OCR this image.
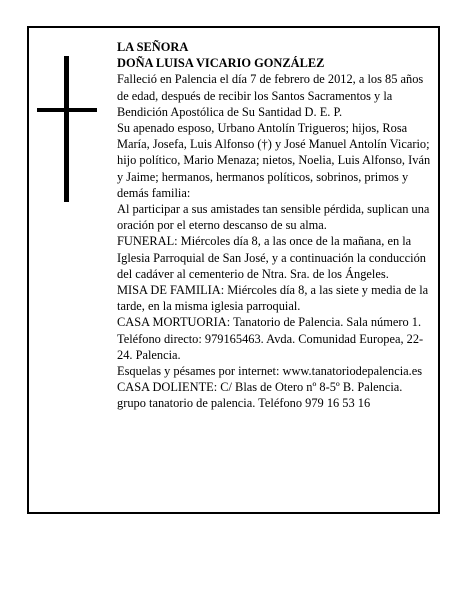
LA SEÑORA

DOÑA LUISA VICARIO GONZÁLEZ

Falleció en Palencia el día 7 de febrero de 2012, a los 85 años de edad, después de recibir los Santos Sacramentos y la Bendición Apostólica de Su Santidad D. E. P.

Su apenado esposo, Urbano Antolín Trigueros; hijos, Rosa María, Josefa, Luis Alfonso (†) y José Manuel Antolín Vicario; hijo político, Mario Menaza; nietos, Noelia, Luis Alfonso, Iván y Jaime; hermanos, hermanos políticos, sobrinos, primos y demás familia:

Al participar a sus amistades tan sensible pérdida, suplican una oración por el eterno descanso de su alma.

FUNERAL: Miércoles día 8, a las once de la mañana, en la Iglesia Parroquial de San José, y a continuación la conducción del cadáver al cementerio de Ntra. Sra. de los Ángeles.

MISA DE FAMILIA: Miércoles día 8, a las siete y media de la tarde, en la misma iglesia parroquial.

CASA MORTUORIA: Tanatorio de Palencia. Sala número 1. Teléfono directo: 979165463. Avda. Comunidad Europea, 22-24. Palencia.

Esquelas y pésames por internet: www.tanatoriodepalencia.es

CASA DOLIENTE: C/ Blas de Otero nº 8-5º B. Palencia.

grupo tanatorio de palencia. Teléfono 979 16 53 16
